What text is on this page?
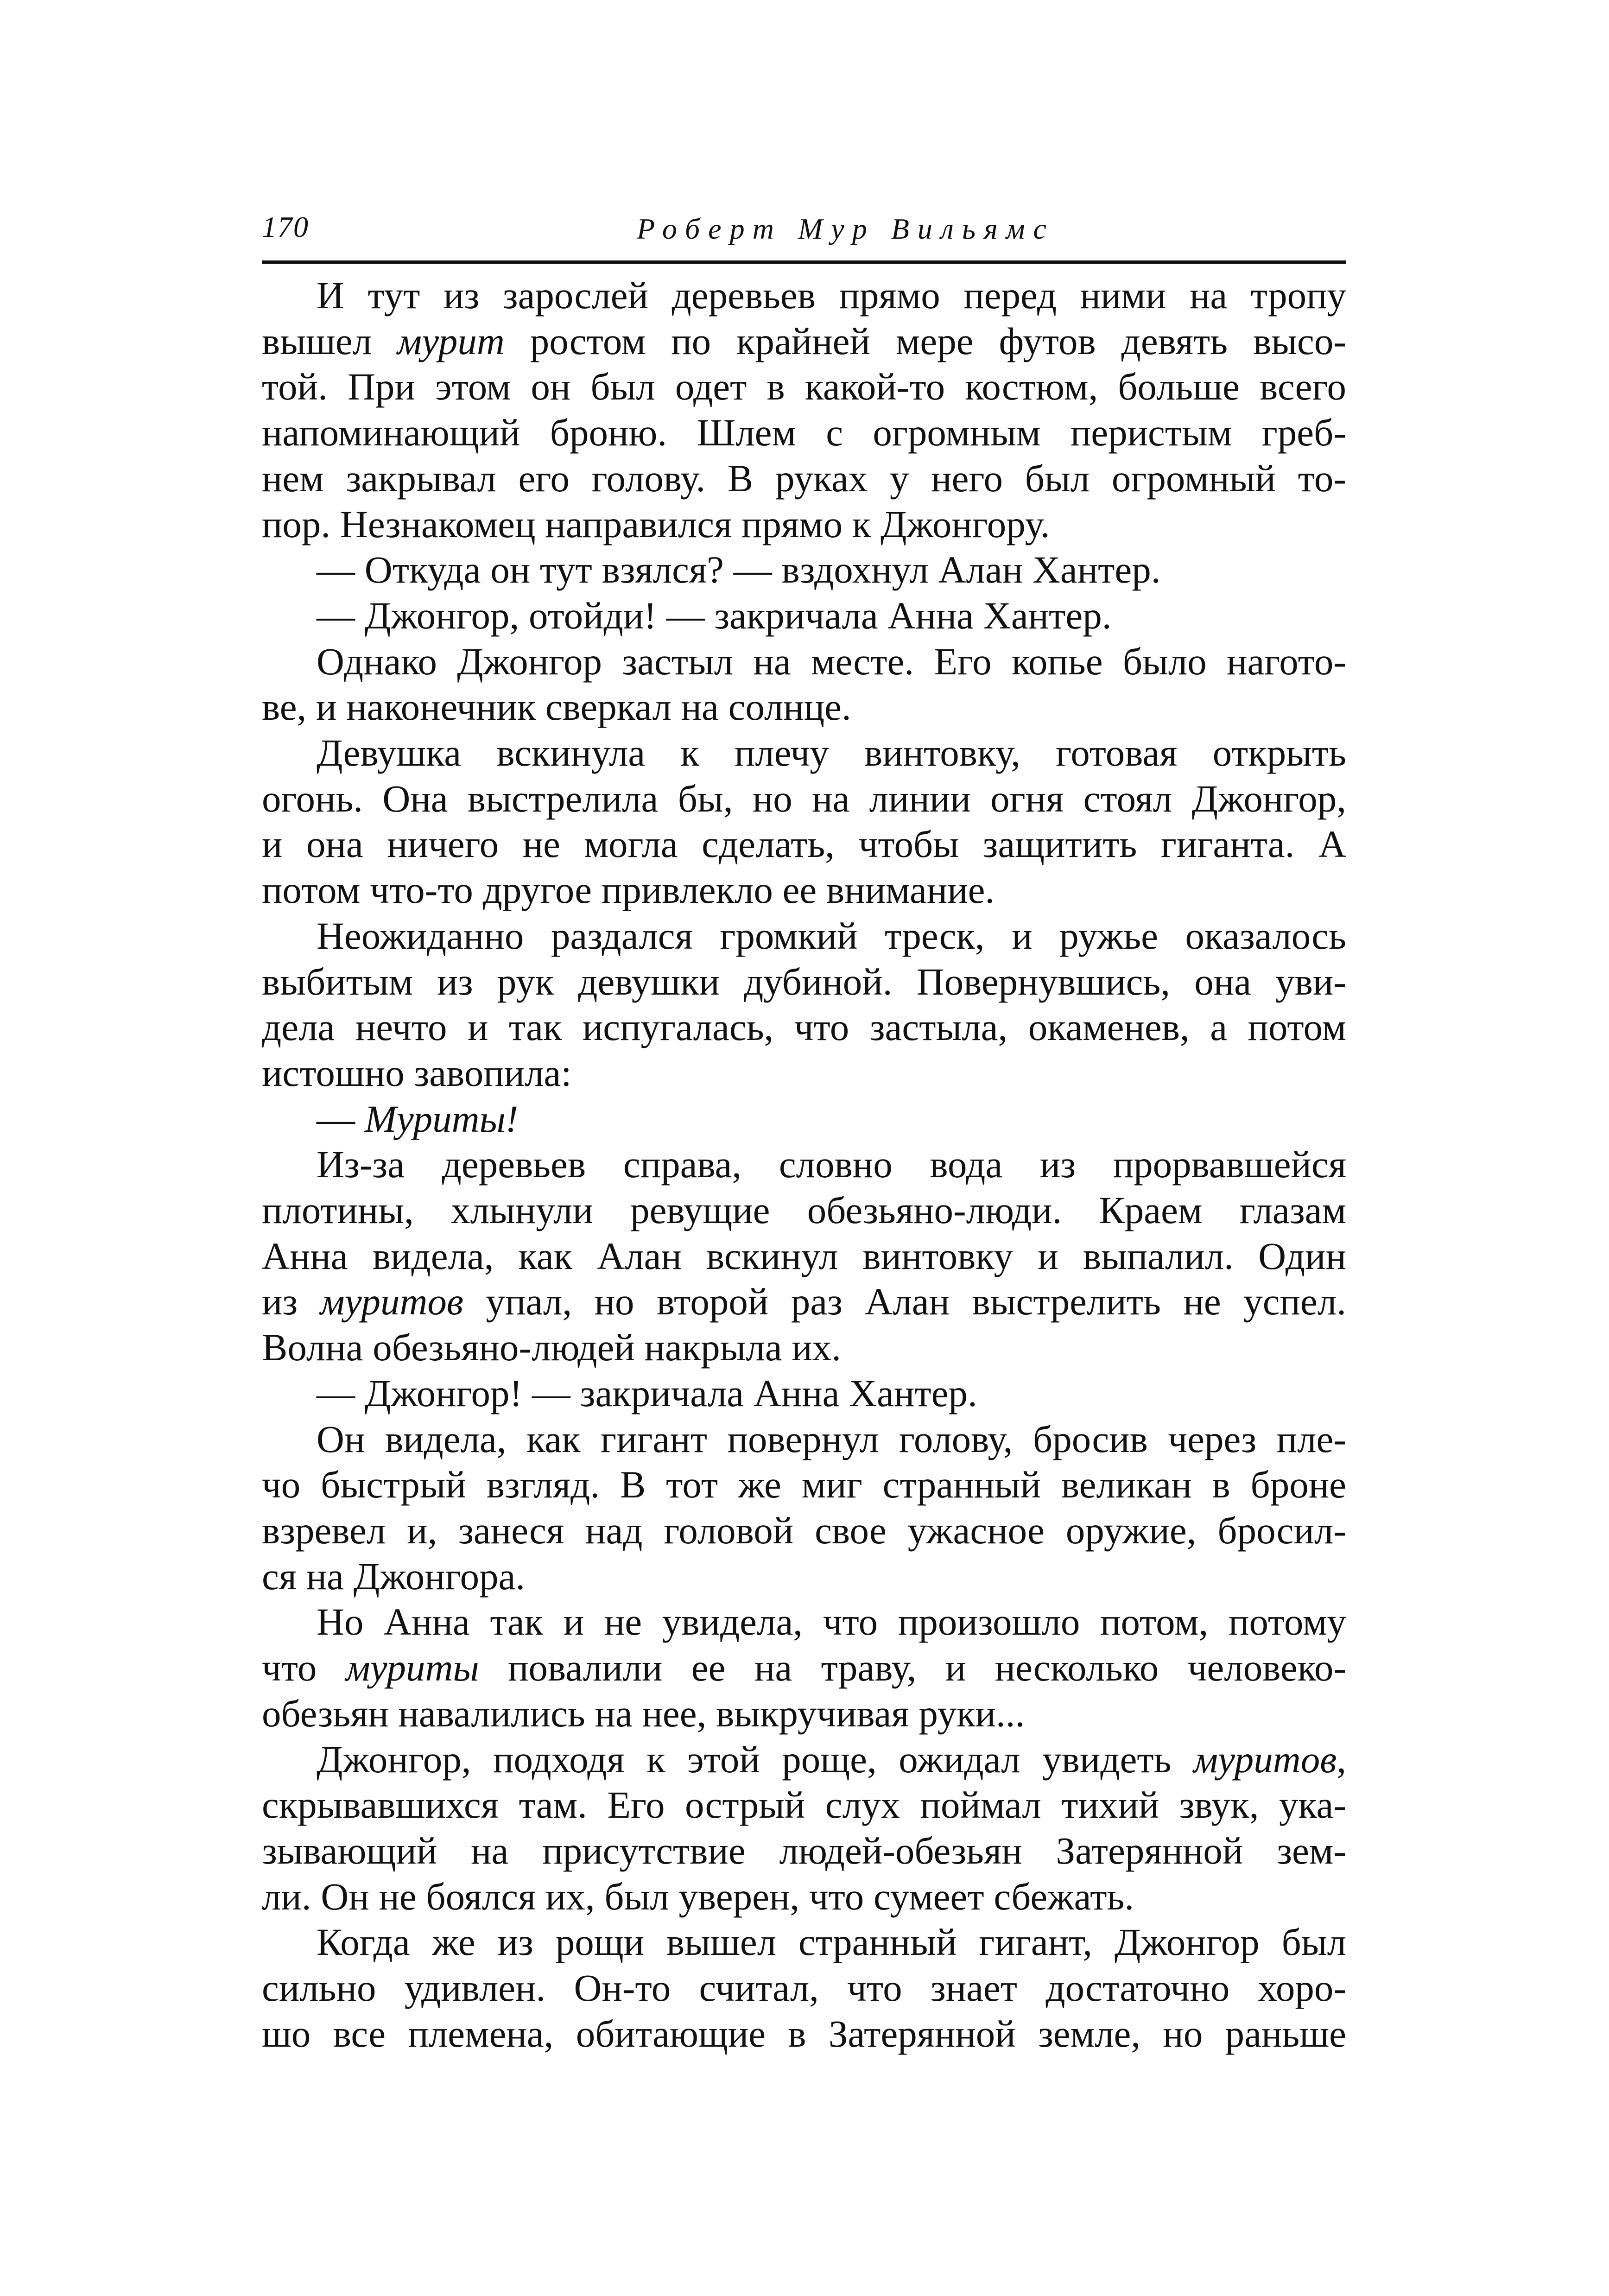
170	Роберт Мур Вильямс
И тут из зарослей деревьев прямо перед ними на тропу
вышел мурит ростом по крайней мере футов девять высо-
той. При этом он был одет в какой-то костюм, больше всего
напоминающий броню. Шлем с огромным перистым греб-
нем закрывал его голову. В руках у него был огромный то-
пор. Незнакомец направился прямо к Джонгору.
— Откуда он тут взялся? — вздохнул Алан Хантер.
— Джонгор, отойди! — закричала Анна Хантер.
Однако Джонгор застыл на месте. Его копье было нагото-
ве, и наконечник сверкал на солнце.
Девушка вскинула к плечу винтовку, готовая открыть
огонь. Она выстрелила бы, но на линии огня стоял Джонгор,
и она ничего не могла сделать, чтобы защитить гиганта. А
потом что-то другое привлекло ее внимание.
Неожиданно раздался громкий треск, и ружье оказалось
выбитым из рук девушки дубиной. Повернувшись, она уви-
дела нечто и так испугалась, что застыла, окаменев, а потом
истошно завопила:
— Муриты!
Из-за деревьев справа, словно вода из прорвавшейся
плотины, хлынули ревущие обезьяно-люди. Краем глазам
Анна видела, как Алан вскинул винтовку и выпалил. Один
из муритов упал, но второй раз Алан выстрелить не успел.
Волна обезьяно-людей накрыла их.
— Джонгор! — закричала Анна Хантер.
Он видела, как гигант повернул голову, бросив через пле-
чо быстрый взгляд. В тот же миг странный великан в броне
взревел и, занеся над головой свое ужасное оружие, бросил-
ся на Джонгора.
Но Анна так и не увидела, что произошло потом, потому
что муриты повалили ее на траву, и несколько человеко-
обезьян навалились на нее, выкручивая руки...
Джонгор, подходя к этой роще, ожидал увидеть муритов,
скрывавшихся там. Его острый слух поймал тихий звук, ука-
зывающий на присутствие людей-обезьян Затерянной зем-
ли. Он не боялся их, был уверен, что сумеет сбежать.
Когда же из рощи вышел странный гигант, Джонгор был
сильно удивлен. Он-то считал, что знает достаточно хоро-
шо все племена, обитающие в Затерянной земле, но раньше
